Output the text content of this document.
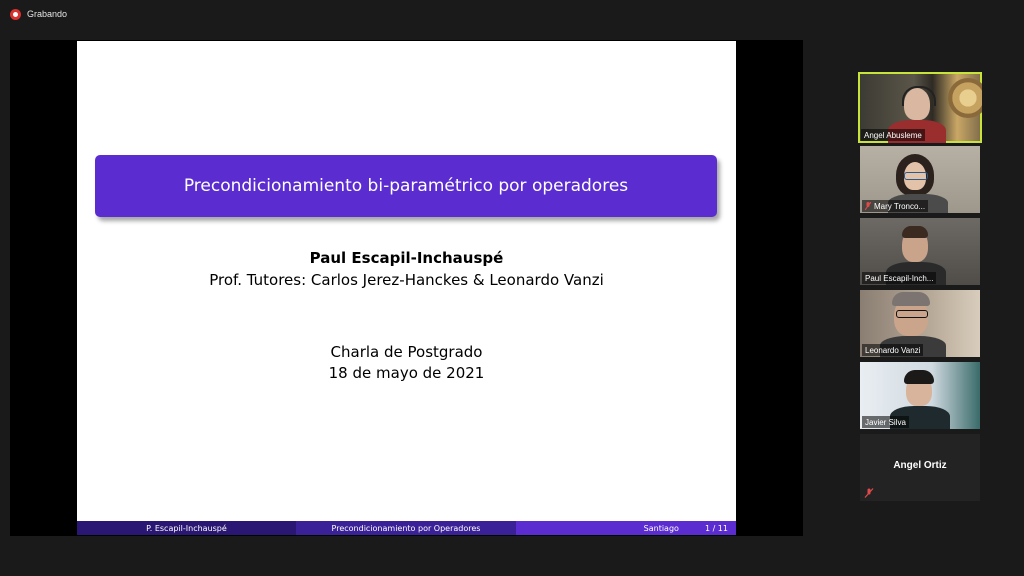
Grabando
Precondicionamiento bi-paramétrico por operadores
Paul Escapil-Inchauspé
Prof. Tutores: Carlos Jerez-Hanckes & Leonardo Vanzi
Charla de Postgrado
18 de mayo de 2021
P. Escapil-Inchauspé	Precondicionamiento por Operadores	Santiago	1 / 11
Angel Abusleme
Mary Tronco...
Paul Escapil-Inch...
Leonardo Vanzi
Javier Silva
Angel Ortiz
